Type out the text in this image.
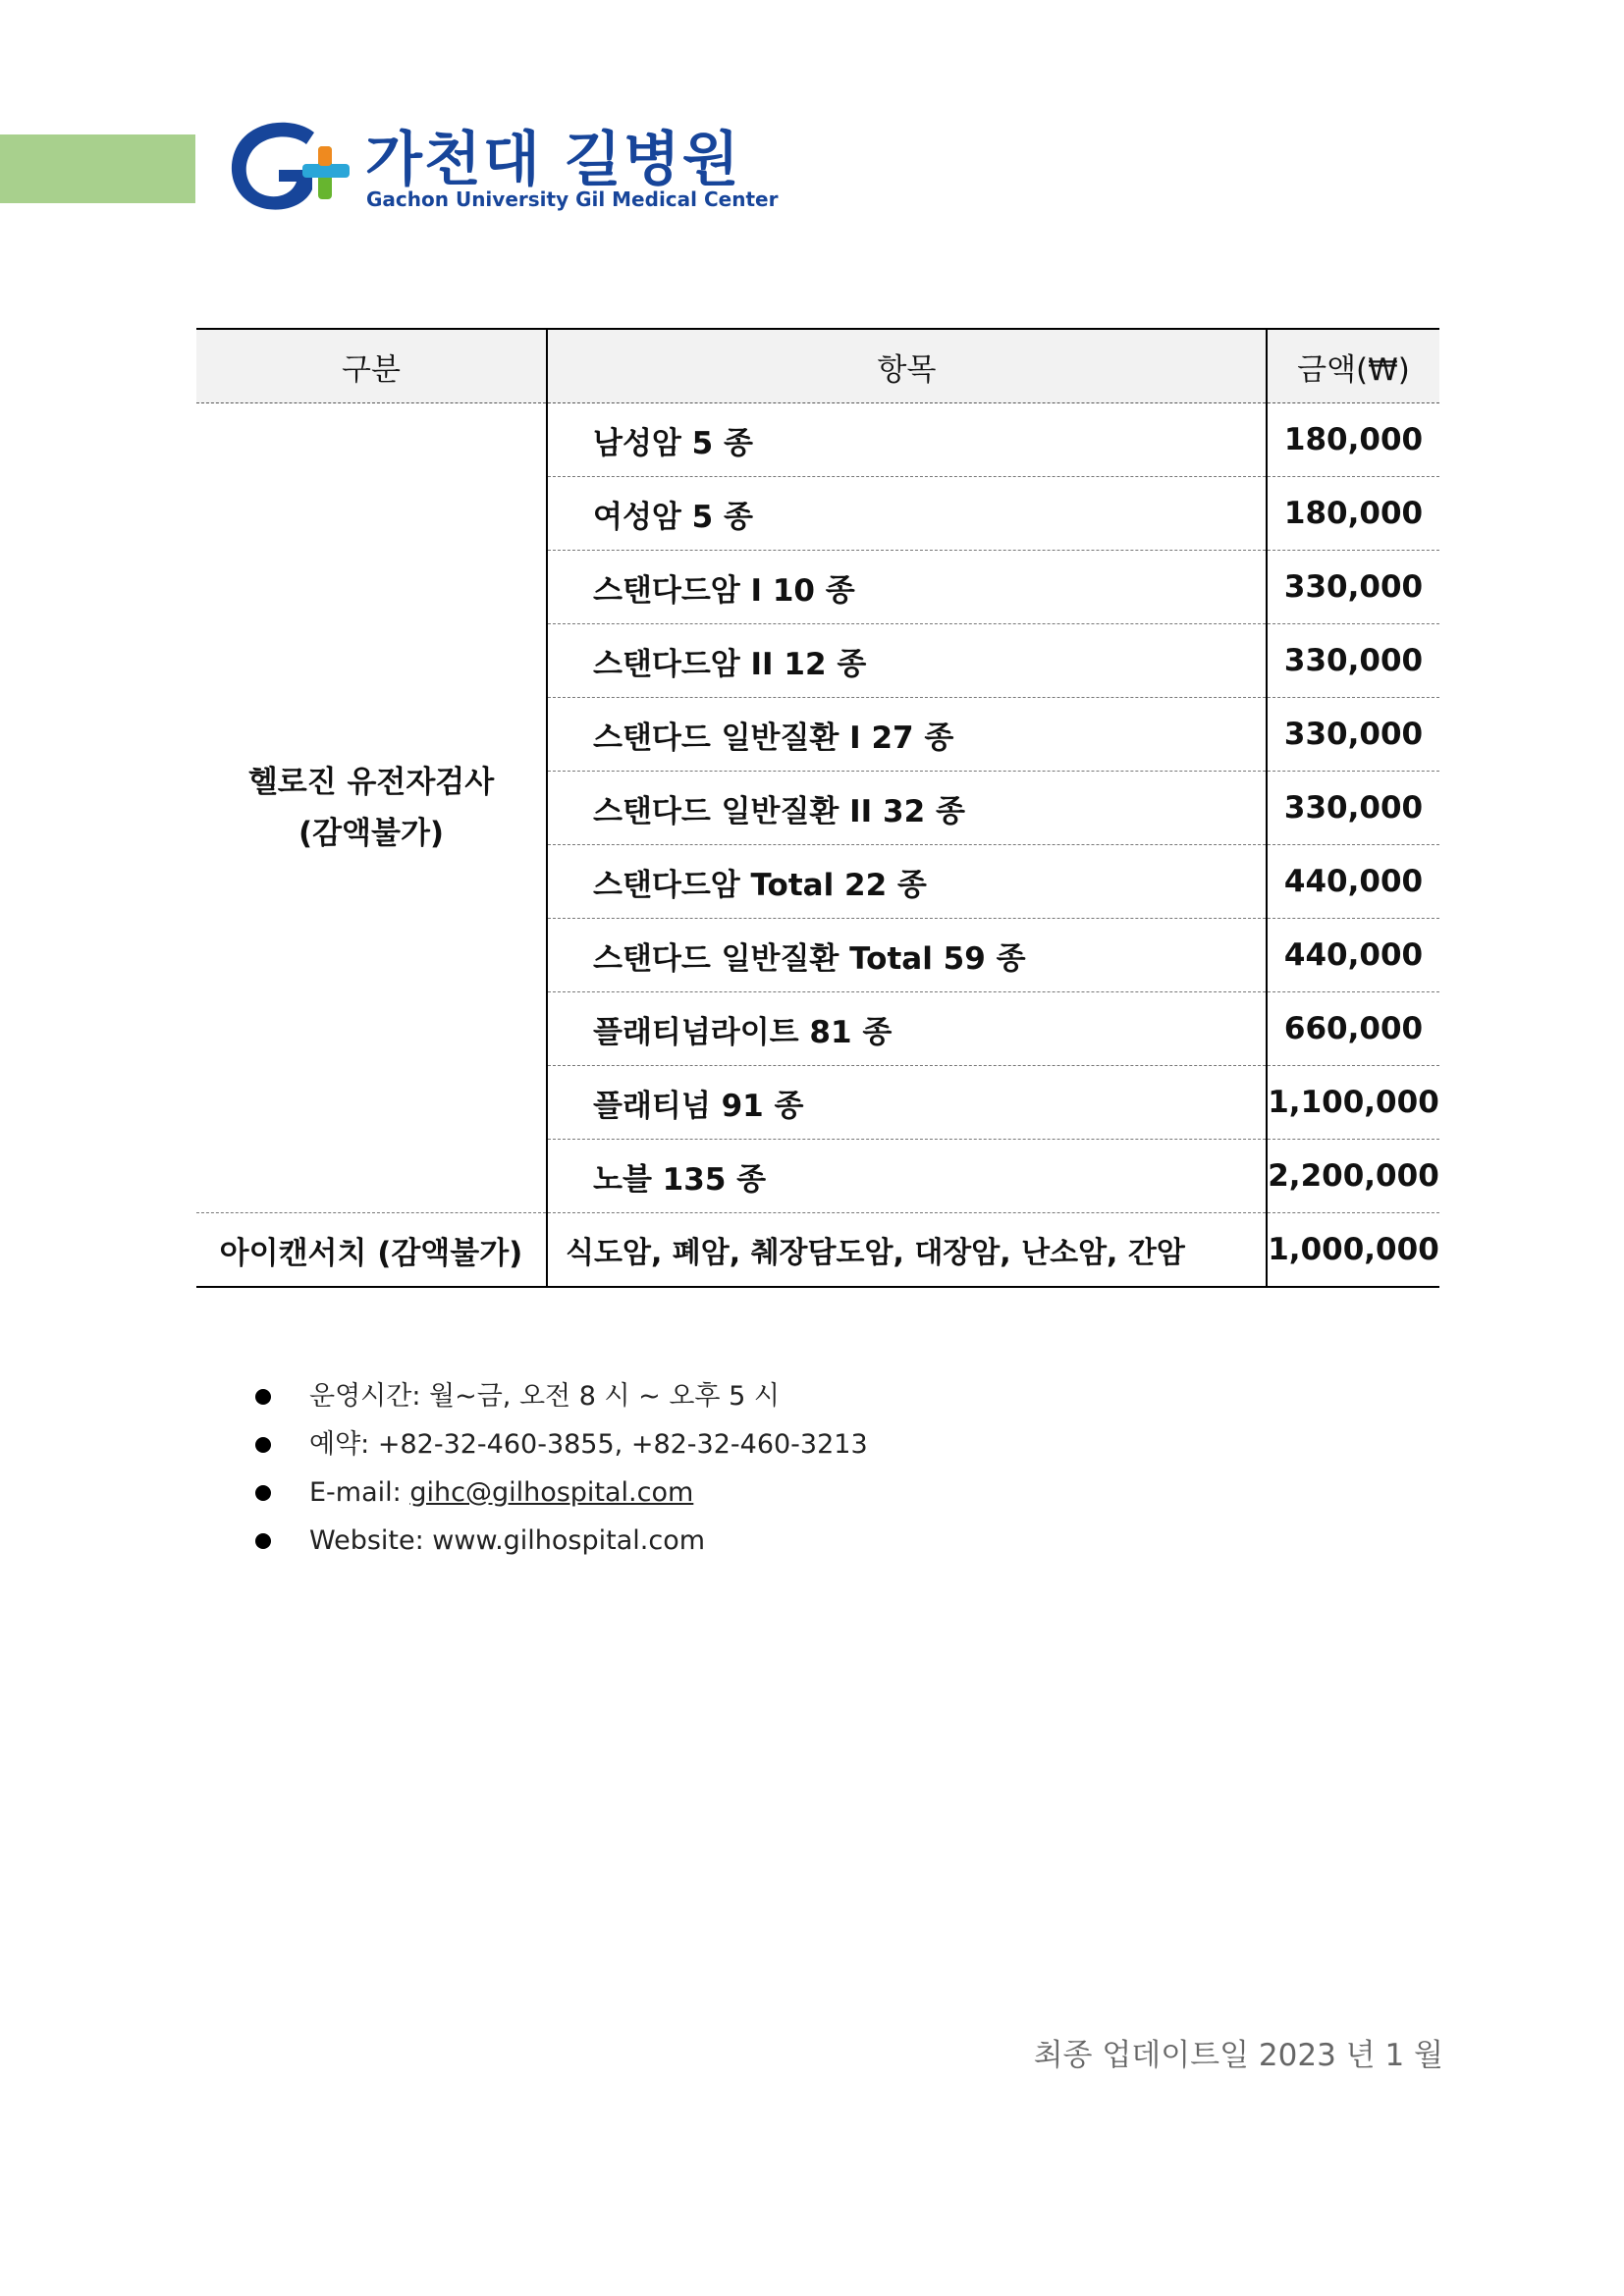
가천대 길병원
Gachon University Gil Medical Center
구분	항목	금액(₩)

헬로진 유전자검사
(감액불가)	남성암 5 종	180,000
	여성암 5 종	180,000
	스탠다드암 I 10 종	330,000
	스탠다드암 II 12 종	330,000
	스탠다드 일반질환 I 27 종	330,000
	스탠다드 일반질환 II 32 종	330,000
	스탠다드암 Total 22 종	440,000
	스탠다드 일반질환 Total 59 종	440,000
	플래티넘라이트 81 종	660,000
	플래티넘 91 종	1,100,000
	노블 135 종	2,200,000
아이캔서치 (감액불가)	식도암, 폐암, 췌장담도암, 대장암, 난소암, 간암	1,000,000
운영시간: 월~금, 오전 8 시 ~ 오후 5 시
예약: +82-32-460-3855, +82-32-460-3213
E-mail: gihc@gilhospital.com
Website: www.gilhospital.com
최종 업데이트일 2023 년 1 월
